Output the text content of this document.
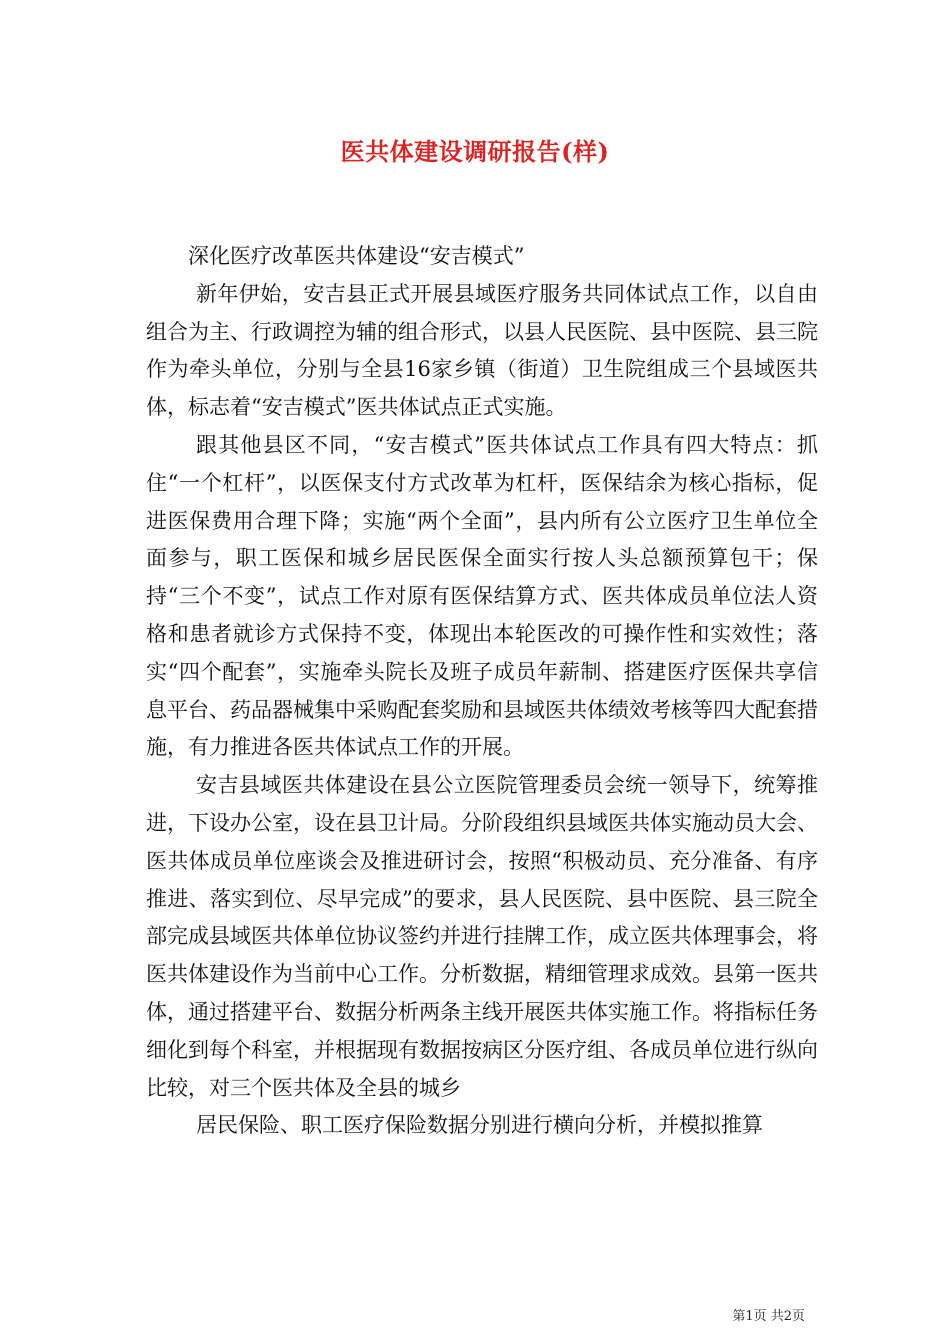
医共体建设调研报告(样)

深化医疗改革医共体建设“安吉模式”

新年伊始，安吉县正式开展县域医疗服务共同体试点工作，以自由组合为主、行政调控为辅的组合形式，以县人民医院、县中医院、县三院作为牵头单位，分别与全县16家乡镇（街道）卫生院组成三个县域医共体，标志着“安吉模式”医共体试点正式实施。

跟其他县区不同，“安吉模式”医共体试点工作具有四大特点：抓住“一个杠杆”，以医保支付方式改革为杠杆，医保结余为核心指标，促进医保费用合理下降；实施“两个全面”，县内所有公立医疗卫生单位全面参与，职工医保和城乡居民医保全面实行按人头总额预算包干；保持“三个不变”，试点工作对原有医保结算方式、医共体成员单位法人资格和患者就诊方式保持不变，体现出本轮医改的可操作性和实效性；落实“四个配套”，实施牵头院长及班子成员年薪制、搭建医疗医保共享信息平台、药品器械集中采购配套奖励和县域医共体绩效考核等四大配套措施，有力推进各医共体试点工作的开展。

安吉县域医共体建设在县公立医院管理委员会统一领导下，统筹推进，下设办公室，设在县卫计局。分阶段组织县域医共体实施动员大会、医共体成员单位座谈会及推进研讨会，按照“积极动员、充分准备、有序推进、落实到位、尽早完成”的要求，县人民医院、县中医院、县三院全部完成县域医共体单位协议签约并进行挂牌工作，成立医共体理事会，将医共体建设作为当前中心工作。分析数据，精细管理求成效。县第一医共体，通过搭建平台、数据分析两条主线开展医共体实施工作。将指标任务细化到每个科室，并根据现有数据按病区分医疗组、各成员单位进行纵向比较，对三个医共体及全县的城乡

居民保险、职工医疗保险数据分别进行横向分析，并模拟推算

第1页 共2页
